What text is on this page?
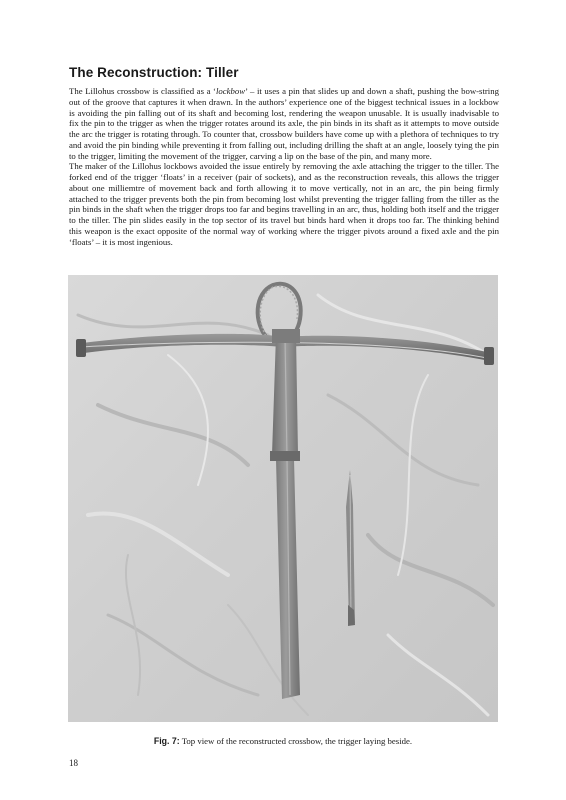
The Reconstruction: Tiller

The Lillohus crossbow is classified as a ‘lockbow’ – it uses a pin that slides up and down a shaft, pushing the bow-string out of the groove that captures it when drawn. In the authors’ experience one of the biggest technical issues in a lockbow is avoiding the pin falling out of its shaft and becoming lost, rendering the weapon unusable. It is usually inadvisable to fix the pin to the trigger as when the trigger rotates around its axle, the pin binds in its shaft as it attempts to move outside the arc the trigger is rotating through. To counter that, crossbow builders have come up with a plethora of techniques to try and avoid the pin binding while preventing it from falling out, including drilling the shaft at an angle, loosely tying the pin to the trigger, limiting the movement of the trigger, carving a lip on the base of the pin, and many more.

The maker of the Lillohus lockbows avoided the issue entirely by removing the axle attaching the trigger to the tiller. The forked end of the trigger ‘floats’ in a receiver (pair of sockets), and as the reconstruction reveals, this allows the trigger about one milliemtre of movement back and forth allowing it to move vertically, not in an arc, the pin being firmly attached to the trigger prevents both the pin from becoming lost whilst preventing the trigger falling from the tiller as the pin binds in the shaft when the trigger drops too far and begins travelling in an arc, thus, holding both itself and the trigger to the tiller. The pin slides easily in the top sector of its travel but binds hard when it drops too far. The thinking behind this weapon is the exact opposite of the normal way of working where the trigger pivots around a fixed axle and the pin ‘floats’ – it is most ingenious.

Fig. 7: Top view of the reconstructed crossbow, the trigger laying beside.
18
